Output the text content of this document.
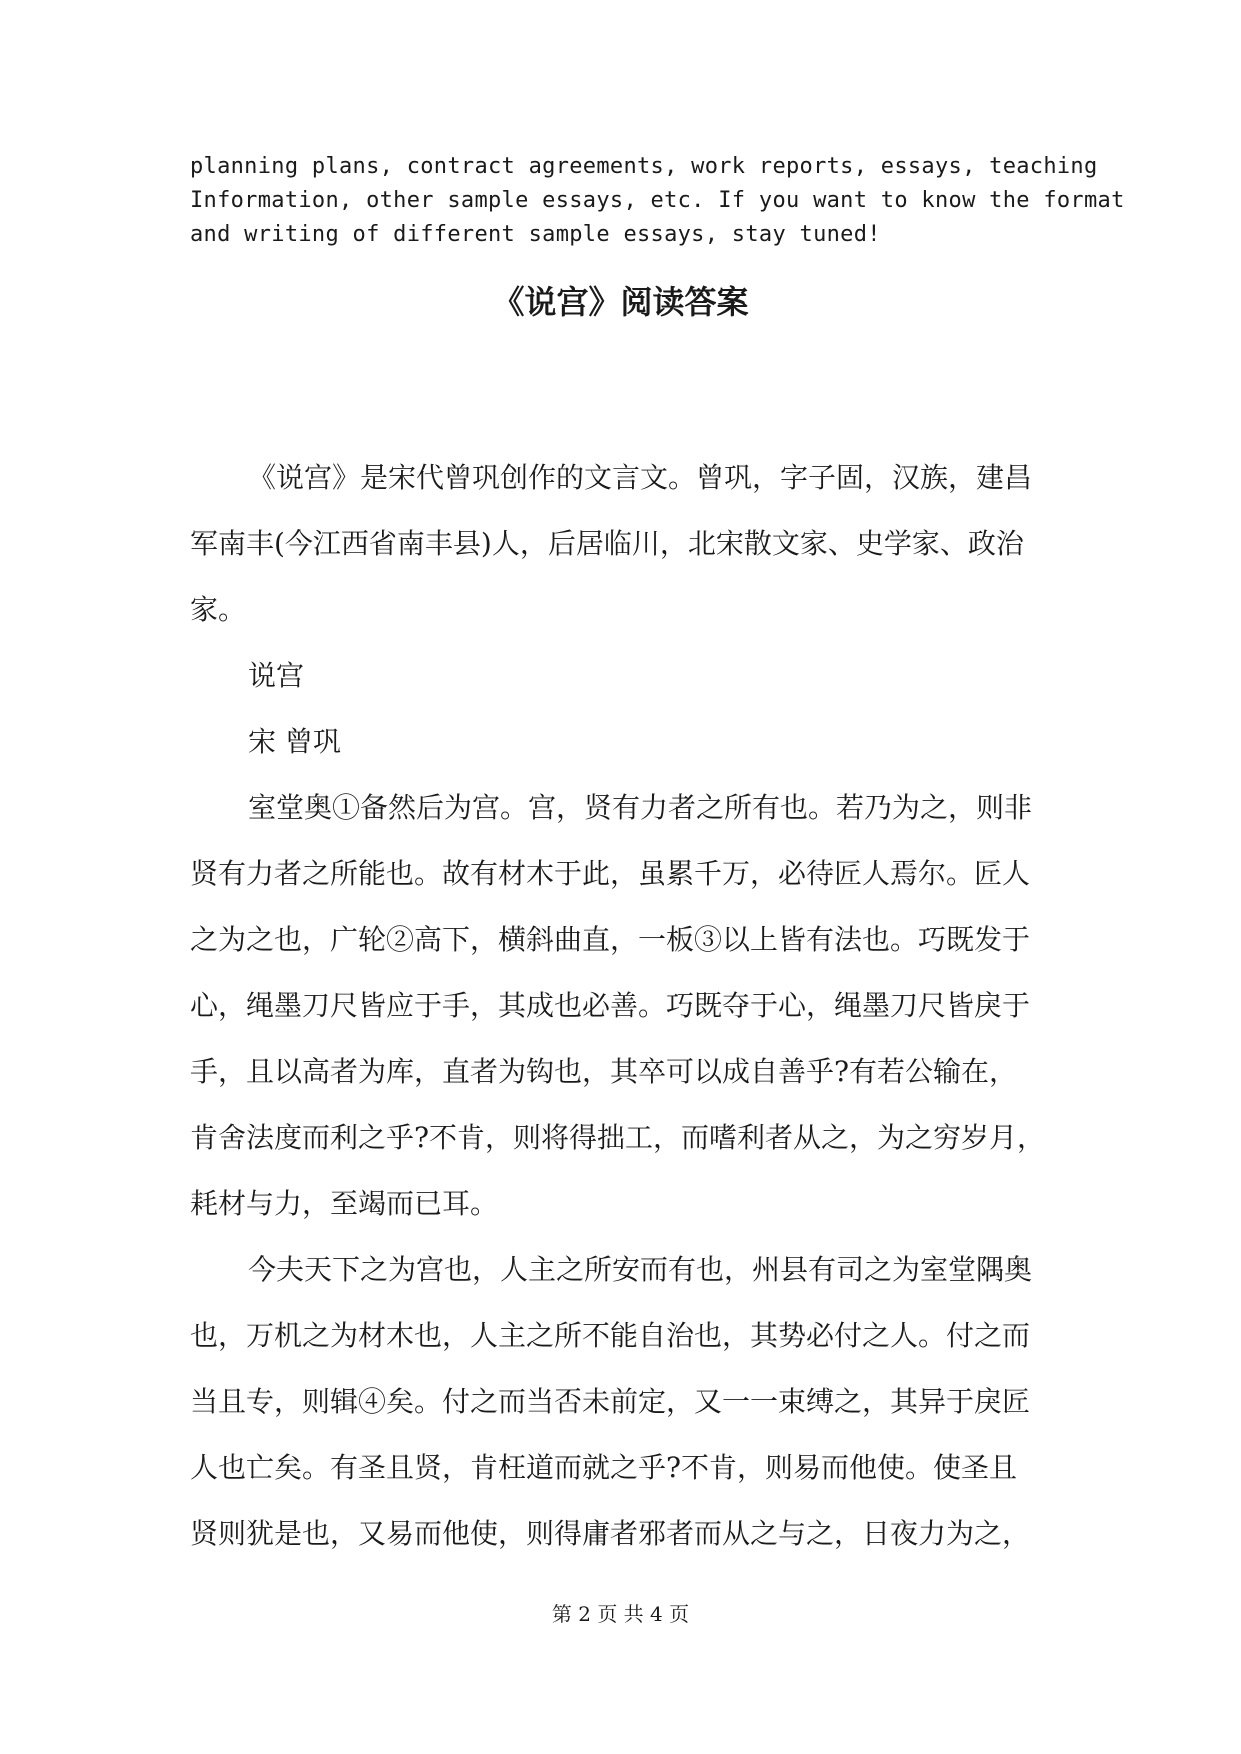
planning plans, contract agreements, work reports, essays, teaching
Information, other sample essays, etc. If you want to know the format
and writing of different sample essays, stay tuned!
《说宫》阅读答案
《说宫》是宋代曾巩创作的文言文。曾巩，字子固，汉族，建昌
军南丰(今江西省南丰县)人，后居临川，北宋散文家、史学家、政治
家。
说宫
宋 曾巩
室堂奥①备然后为宫。宫，贤有力者之所有也。若乃为之，则非
贤有力者之所能也。故有材木于此，虽累千万，必待匠人焉尔。匠人
之为之也，广轮②高下，横斜曲直，一板③以上皆有法也。巧既发于
心，绳墨刀尺皆应于手，其成也必善。巧既夺于心，绳墨刀尺皆戾于
手，且以高者为库，直者为钩也，其卒可以成自善乎?有若公输在，
肯舍法度而利之乎?不肯，则将得拙工，而嗜利者从之，为之穷岁月，
耗材与力，至竭而已耳。
今夫天下之为宫也，人主之所安而有也，州县有司之为室堂隅奥
也，万机之为材木也，人主之所不能自治也，其势必付之人。付之而
当且专，则辑④矣。付之而当否未前定，又一一束缚之，其异于戾匠
人也亡矣。有圣且贤，肯枉道而就之乎?不肯，则易而他使。使圣且
贤则犹是也，又易而他使，则得庸者邪者而从之与之，日夜力为之，
第 2 页 共 4 页
